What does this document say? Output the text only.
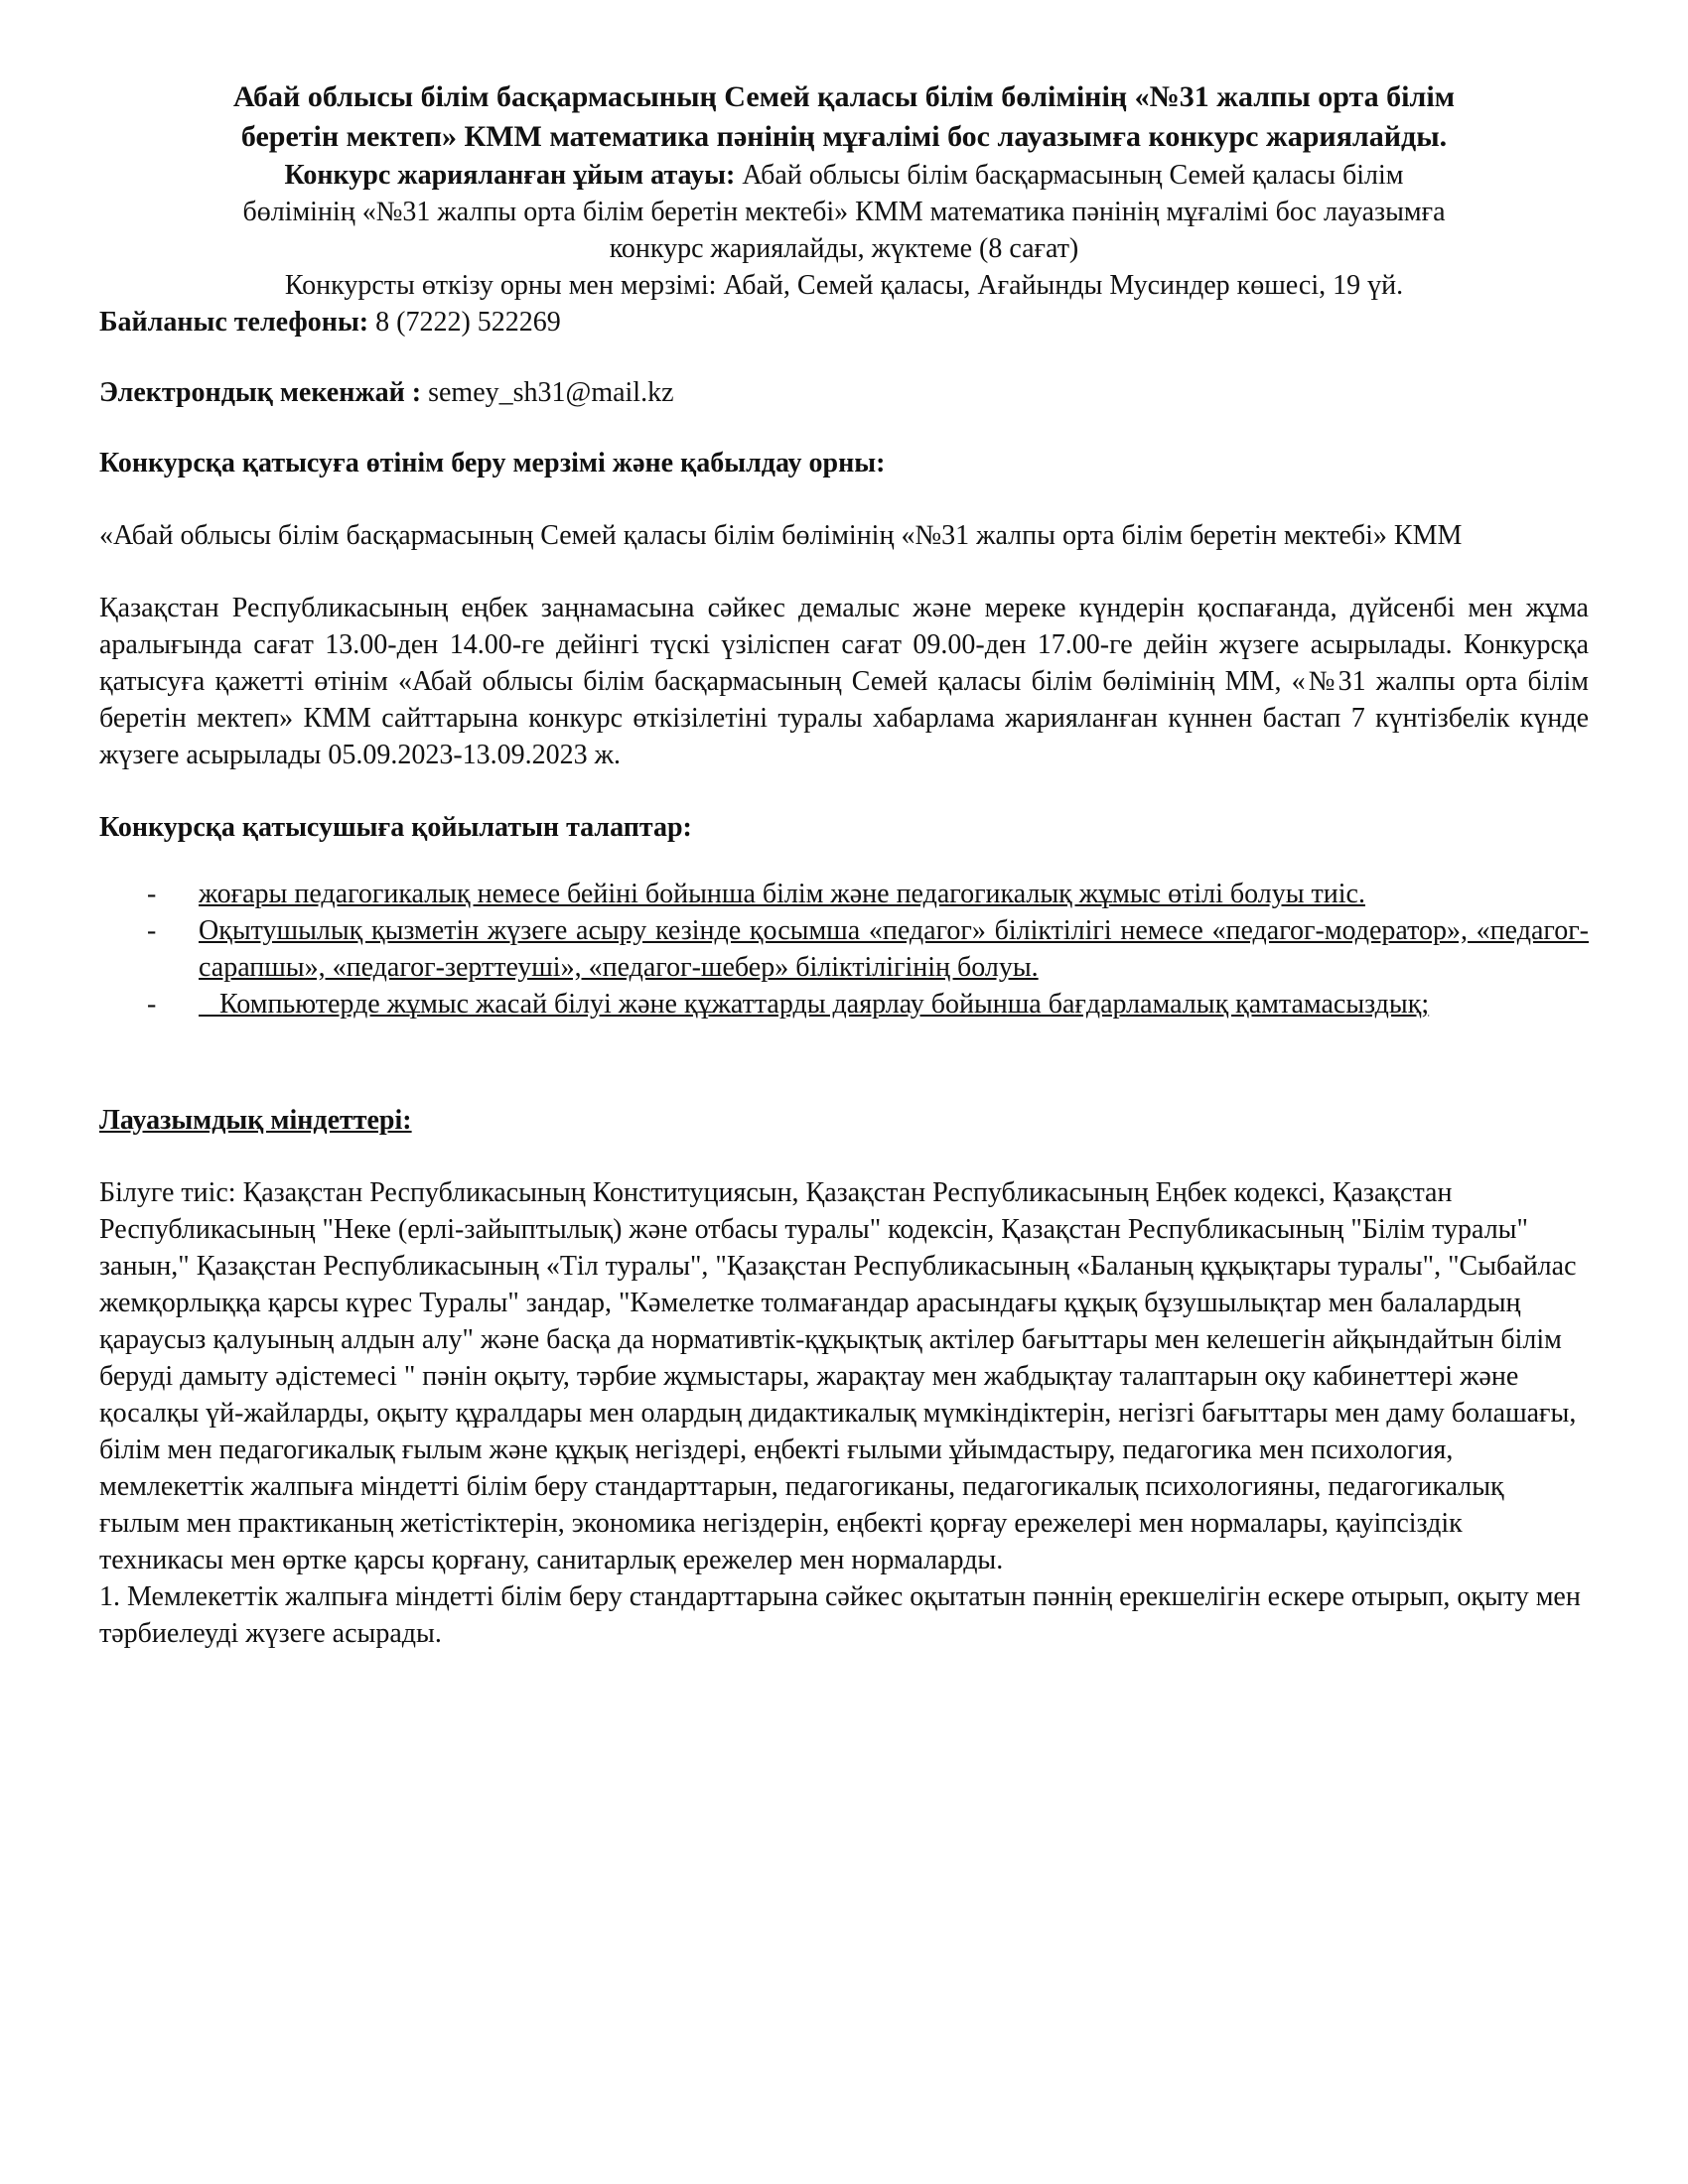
Абай облысы білім басқармасының Семей қаласы білім бөлімінің «№31 жалпы орта білім

беретін мектеп» КММ математика пәнінің мұғалімі бос лауазымға конкурс жариялайды.

Конкурс жарияланған ұйым атауы: Абай облысы білім басқармасының Семей қаласы білім

бөлімінің «№31 жалпы орта білім беретін мектебі» КММ математика пәнінің мұғалімі бос лауазымға

конкурс жариялайды, жүктеме (8 сағат)

Конкурсты өткізу орны мен мерзімі: Абай, Семей қаласы, Ағайынды Мусиндер көшесі, 19 үй.

Байланыс телефоны: 8 (7222) 522269

Электрондық мекенжай : semey_sh31@mail.kz

Конкурсқа қатысуға өтінім беру мерзімі және қабылдау орны:

«Абай облысы білім басқармасының Семей қаласы білім бөлімінің «№31 жалпы орта білім беретін мектебі» КММ

Қазақстан Республикасының еңбек заңнамасына сәйкес демалыс және мереке күндерін қоспағанда, дүйсенбі мен жұма аралығында сағат 13.00-ден 14.00-ге дейінгі түскі үзіліспен сағат 09.00-ден 17.00-ге дейін жүзеге асырылады. Конкурсқа қатысуға қажетті өтінім «Абай облысы білім басқармасының Семей қаласы білім бөлімінің ММ, «№31 жалпы орта білім беретін мектеп» КММ сайттарына конкурс өткізілетіні туралы хабарлама жарияланған күннен бастап 7 күнтізбелік күнде жүзеге асырылады 05.09.2023-13.09.2023 ж.

Конкурсқа қатысушыға қойылатын талаптар:

- жоғары педагогикалық немесе бейіні бойынша білім және педагогикалық жұмыс өтілі болуы тиіс.
- Оқытушылық қызметін жүзеге асыру кезінде қосымша «педагог» біліктілігі немесе «педагог-модератор», «педагог-сарапшы», «педагог-зерттеуші», «педагог-шебер» біліктілігінің болуы.
- Компьютерде жұмыс жасай білуі және құжаттарды даярлау бойынша бағдарламалық қамтамасыздық;

Лауазымдық міндеттері:

Білуге тиіс: Қазақстан Республикасының Конституциясын, Қазақстан Республикасының Еңбек кодексі, Қазақстан Республикасының "Неке (ерлі-зайыптылық) және отбасы туралы" кодексін, Қазақстан Республикасының "Білім туралы" занын," Қазақстан Республикасының «Тіл туралы", "Қазақстан Республикасының «Баланың құқықтары туралы", "Сыбайлас жемқорлыққа қарсы күрес Туралы" зандар, "Кәмелетке толмағандар арасындағы құқық бұзушылықтар мен балалардың қараусыз қалуының алдын алу" және басқа да нормативтік-құқықтық актілер бағыттары мен келешегін айқындайтын білім беруді дамыту әдістемесі " пәнін оқыту, тәрбие жұмыстары, жарақтау мен жабдықтау талаптарын оқу кабинеттері және қосалқы үй-жайларды, оқыту құралдары мен олардың дидактикалық мүмкіндіктерін, негізгі бағыттары мен даму болашағы, білім мен педагогикалық ғылым және құқық негіздері, еңбекті ғылыми ұйымдастыру, педагогика мен психология, мемлекеттік жалпыға міндетті білім беру стандарттарын, педагогиканы, педагогикалық психологияны, педагогикалық ғылым мен практиканың жетістіктерін, экономика негіздерін, еңбекті қорғау ережелері мен нормалары, қауіпсіздік техникасы мен өртке қарсы қорғану, санитарлық ережелер мен нормаларды.

1. Мемлекеттік жалпыға міндетті білім беру стандарттарына сәйкес оқытатын пәннің ерекшелігін ескере отырып, оқыту мен тәрбиелеуді жүзеге асырады.
